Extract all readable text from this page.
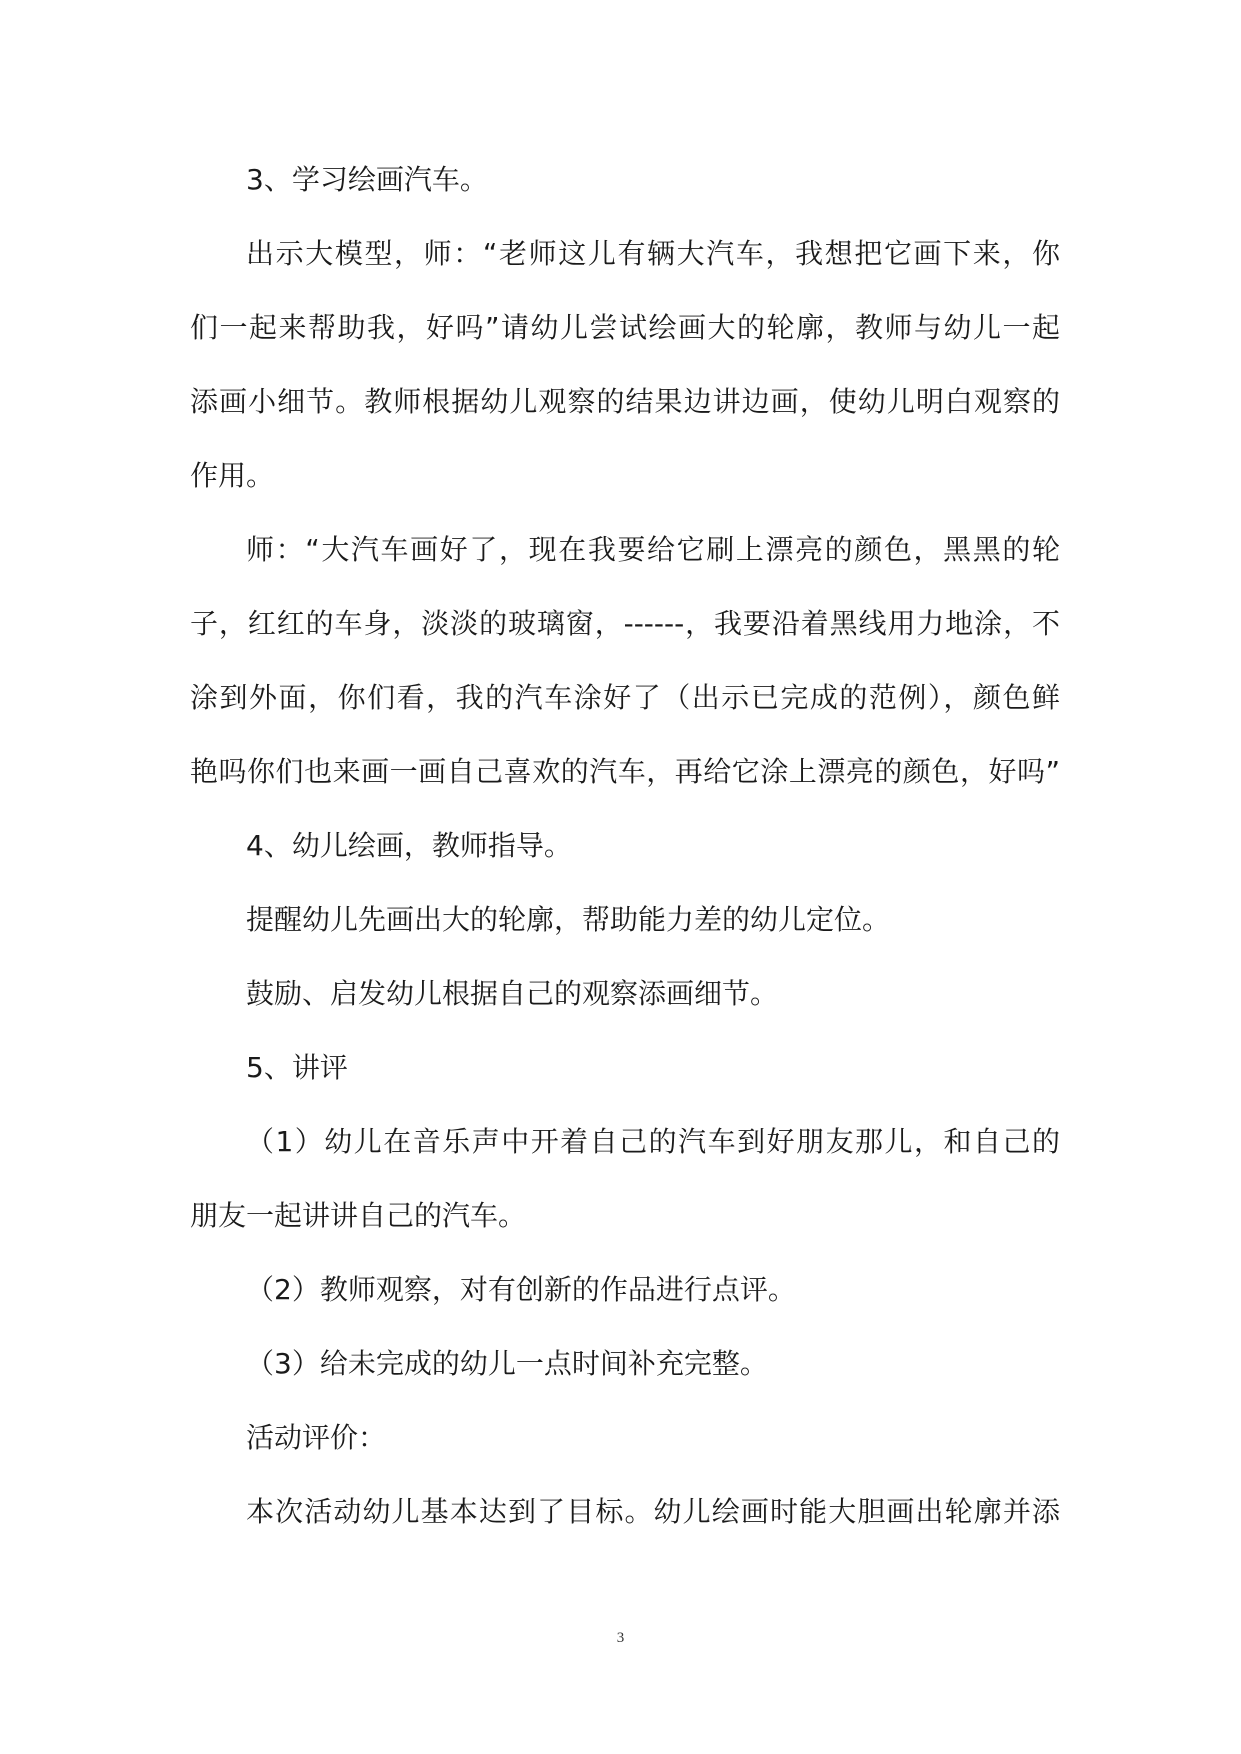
3、学习绘画汽车。
出示大模型，师：“老师这儿有辆大汽车，我想把它画下来，你
们一起来帮助我，好吗”请幼儿尝试绘画大的轮廓，教师与幼儿一起
添画小细节。教师根据幼儿观察的结果边讲边画，使幼儿明白观察的
作用。
师：“大汽车画好了，现在我要给它刷上漂亮的颜色，黑黑的轮
子，红红的车身，淡淡的玻璃窗，------，我要沿着黑线用力地涂，不
涂到外面，你们看，我的汽车涂好了（出示已完成的范例），颜色鲜
艳吗你们也来画一画自己喜欢的汽车，再给它涂上漂亮的颜色，好吗”
4、幼儿绘画，教师指导。
提醒幼儿先画出大的轮廓，帮助能力差的幼儿定位。
鼓励、启发幼儿根据自己的观察添画细节。
5、讲评
（1）幼儿在音乐声中开着自己的汽车到好朋友那儿，和自己的
朋友一起讲讲自己的汽车。
（2）教师观察，对有创新的作品进行点评。
（3）给未完成的幼儿一点时间补充完整。
活动评价：
本次活动幼儿基本达到了目标。幼儿绘画时能大胆画出轮廓并添
3
